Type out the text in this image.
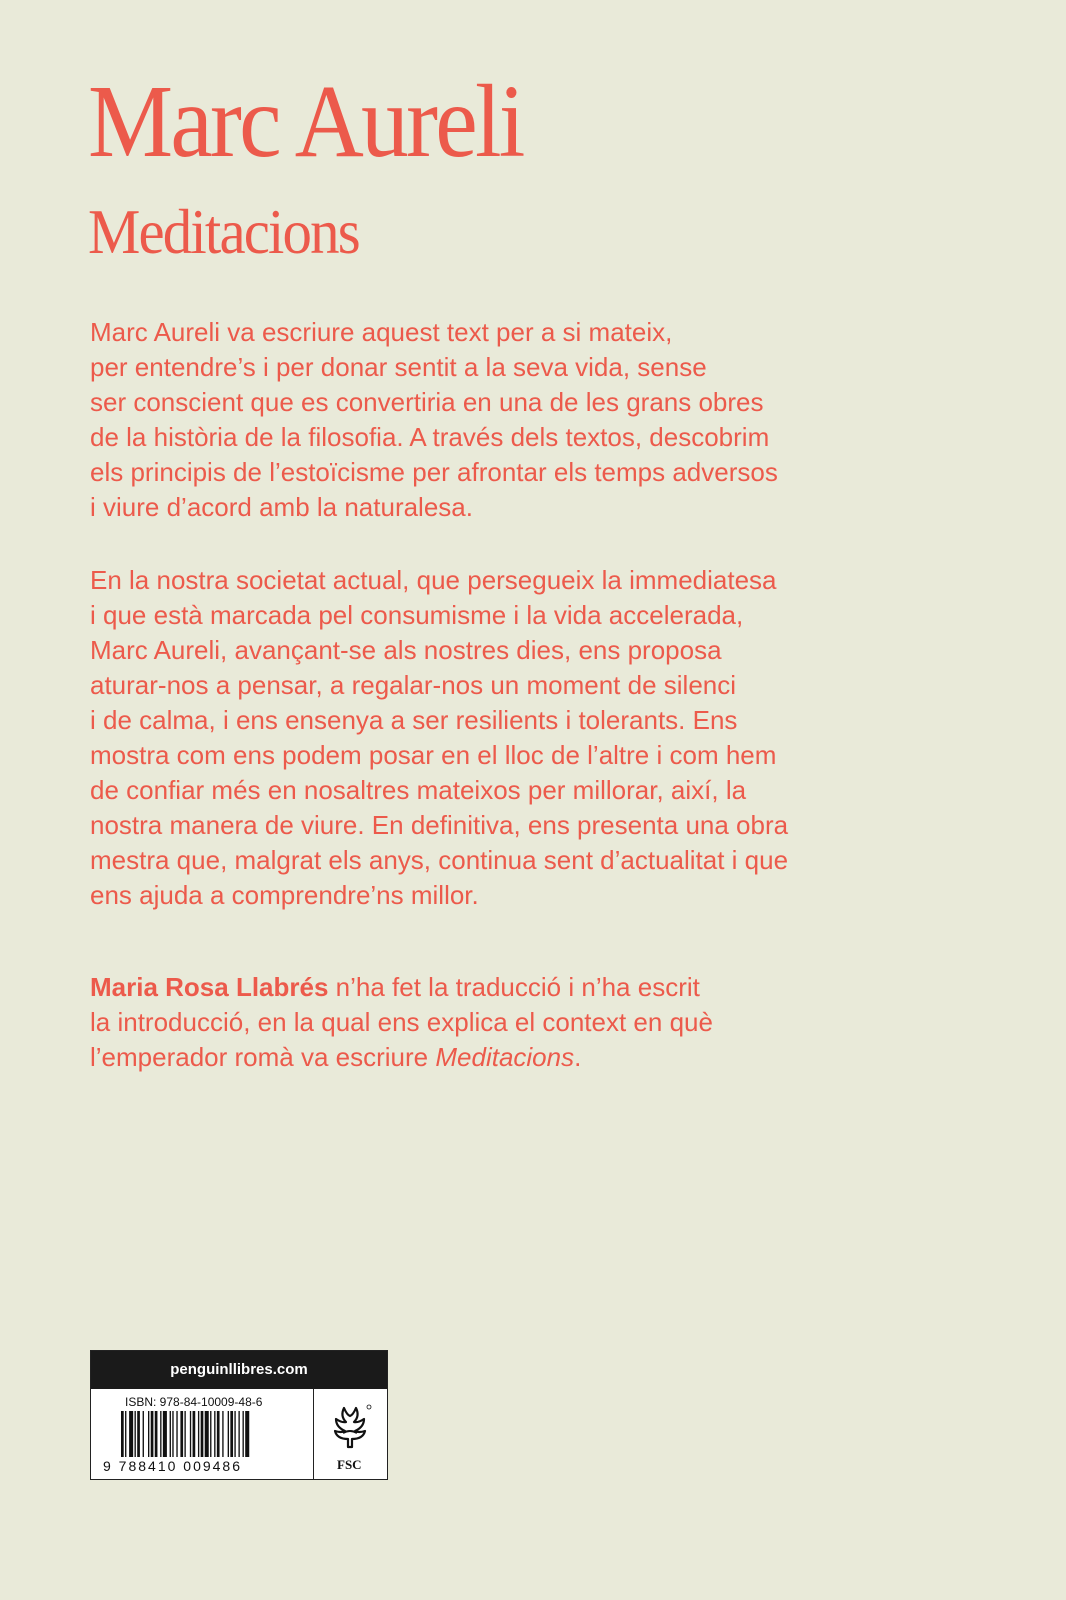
Marc Aureli
Meditacions

Marc Aureli va escriure aquest text per a si mateix,
per entendre’s i per donar sentit a la seva vida, sense
ser conscient que es convertiria en una de les grans obres
de la història de la filosofia. A través dels textos, descobrim
els principis de l’estoïcisme per afrontar els temps adversos
i viure d’acord amb la naturalesa.

En la nostra societat actual, que persegueix la immediatesa
i que està marcada pel consumisme i la vida accelerada,
Marc Aureli, avançant-se als nostres dies, ens proposa
aturar-nos a pensar, a regalar-nos un moment de silenci
i de calma, i ens ensenya a ser resilients i tolerants. Ens
mostra com ens podem posar en el lloc de l’altre i com hem
de confiar més en nosaltres mateixos per millorar, així, la
nostra manera de viure. En definitiva, ens presenta una obra
mestra que, malgrat els anys, continua sent d’actualitat i que
ens ajuda a comprendre’ns millor.

Maria Rosa Llabrés n’ha fet la traducció i n’ha escrit
la introducció, en la qual ens explica el context en què
l’emperador romà va escriure Meditacions.

penguinllibres.com
ISBN: 978-84-10009-48-6
9 788410 009486	FSC
